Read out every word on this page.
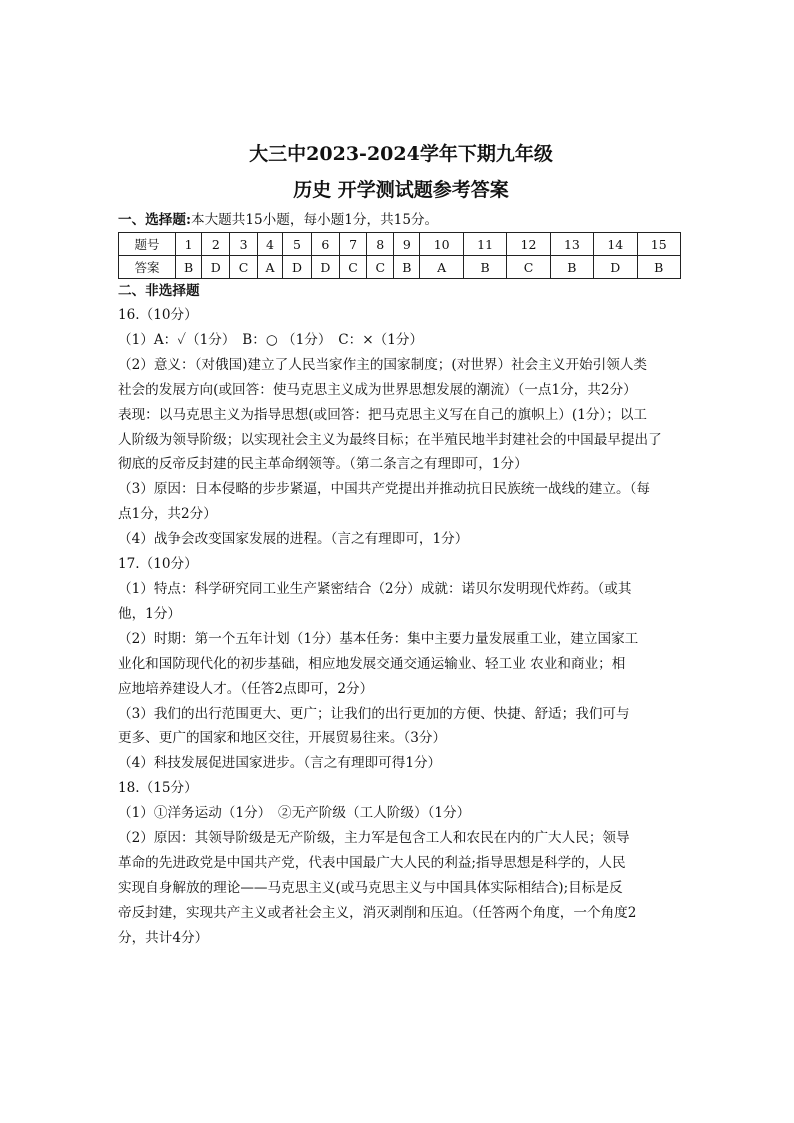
大三中2023-2024学年下期九年级

历史 开学测试题参考答案

一、选择题:本大题共15小题，每小题1分，共15分。

题号	1	2	3	4	5	6	7	8	9	10	11	12	13	14	15
答案	B	D	C	A	D	D	C	C	B	A	B	C	B	D	B

二、非选择题

16.（10分）

（1）A：✓（1分）　B：○ （1分）　C：×（1分）

（2）意义：（对俄国)建立了人民当家作主的国家制度；(对世界）社会主义开始引领人类

社会的发展方向(或回答：使马克思主义成为世界思想发展的潮流）（一点1分，共2分）

表现：以马克思主义为指导思想(或回答：把马克思主义写在自己的旗帜上）(1分）；以工

人阶级为领导阶级；以实现社会主义为最终目标；在半殖民地半封建社会的中国最早提出了

彻底的反帝反封建的民主革命纲领等。（第二条言之有理即可，1分）

（3）原因：日本侵略的步步紧逼，中国共产党提出并推动抗日民族统一战线的建立。（每

点1分，共2分）

（4）战争会改变国家发展的进程。（言之有理即可，1分）

17.（10分）

（1）特点：科学研究同工业生产紧密结合（2分）成就：诺贝尔发明现代炸药。（或其

他，1分）

（2）时期：第一个五年计划（1分）基本任务：集中主要力量发展重工业，建立国家工

业化和国防现代化的初步基础，相应地发展交通交通运输业、轻工业 农业和商业；相

应地培养建设人才。（任答2点即可，2分）

（3）我们的出行范围更大、更广；让我们的出行更加的方便、快捷、舒适；我们可与

更多、更广的国家和地区交往，开展贸易往来。（3分）

（4）科技发展促进国家进步。（言之有理即可得1分）

18.（15分）

（1）①洋务运动（1分）　②无产阶级（工人阶级）（1分）

（2）原因：其领导阶级是无产阶级，主力军是包含工人和农民在内的广大人民；领导

革命的先进政党是中国共产党，代表中国最广大人民的利益;指导思想是科学的，人民

实现自身解放的理论——马克思主义(或马克思主义与中国具体实际相结合);目标是反

帝反封建，实现共产主义或者社会主义，消灭剥削和压迫。（任答两个角度，一个角度2

分，共计4分）
